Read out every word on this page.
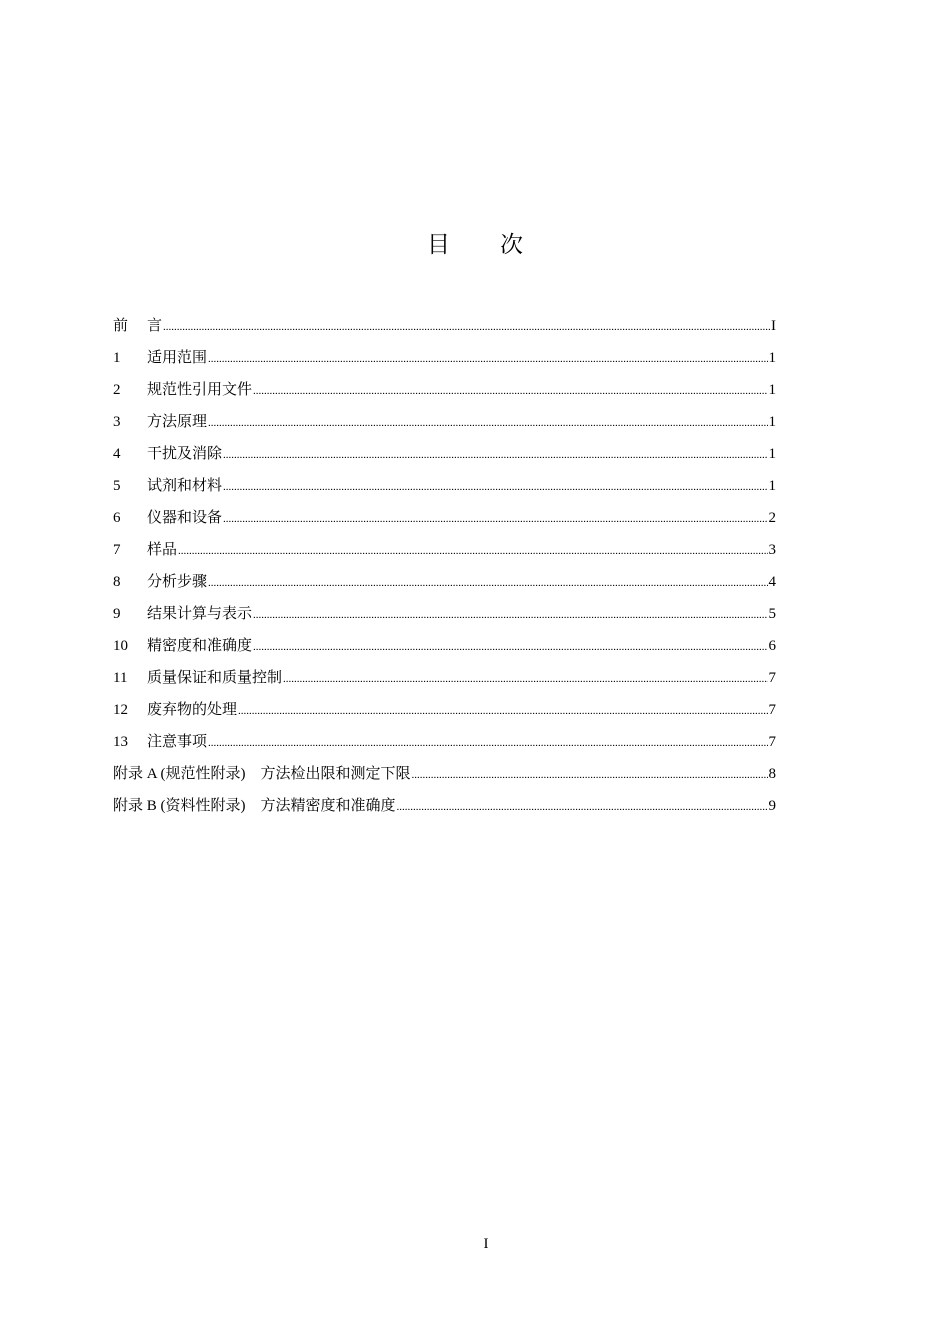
目 次
前	言 .....	I
1	适用范围 .....	1
2	规范性引用文件 .....	1
3	方法原理 .....	1
4	干扰及消除 .....	1
5	试剂和材料 .....	1
6	仪器和设备 .....	2
7	样品 .....	3
8	分析步骤 .....	4
9	结果计算与表示 .....	5
10	精密度和准确度 .....	6
11	质量保证和质量控制 .....	7
12	废弃物的处理 .....	7
13	注意事项 .....	7
附录 A (规范性附录)　方法检出限和测定下限 .....	8
附录 B (资料性附录)　方法精密度和准确度 .....	9
I
